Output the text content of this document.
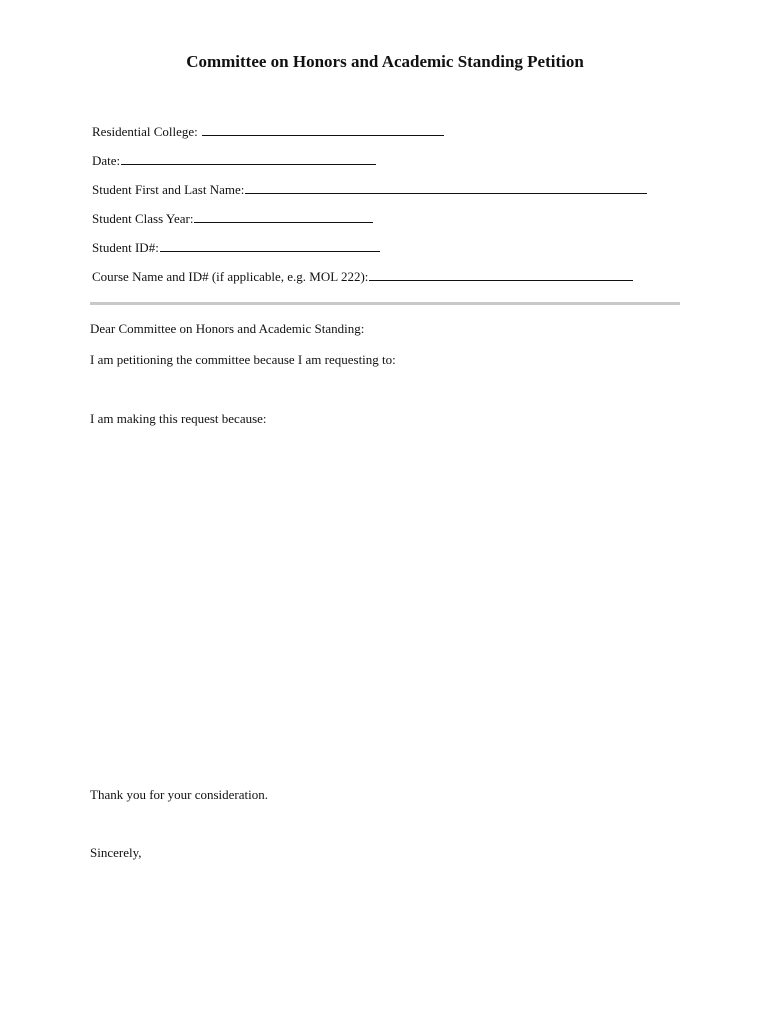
Committee on Honors and Academic Standing Petition
Residential College:
Date:
Student First and Last Name:
Student Class Year:
Student ID#:
Course Name and ID# (if applicable, e.g. MOL 222):
Dear Committee on Honors and Academic Standing:
I am petitioning the committee because I am requesting to:
I am making this request because:
Thank you for your consideration.
Sincerely,
